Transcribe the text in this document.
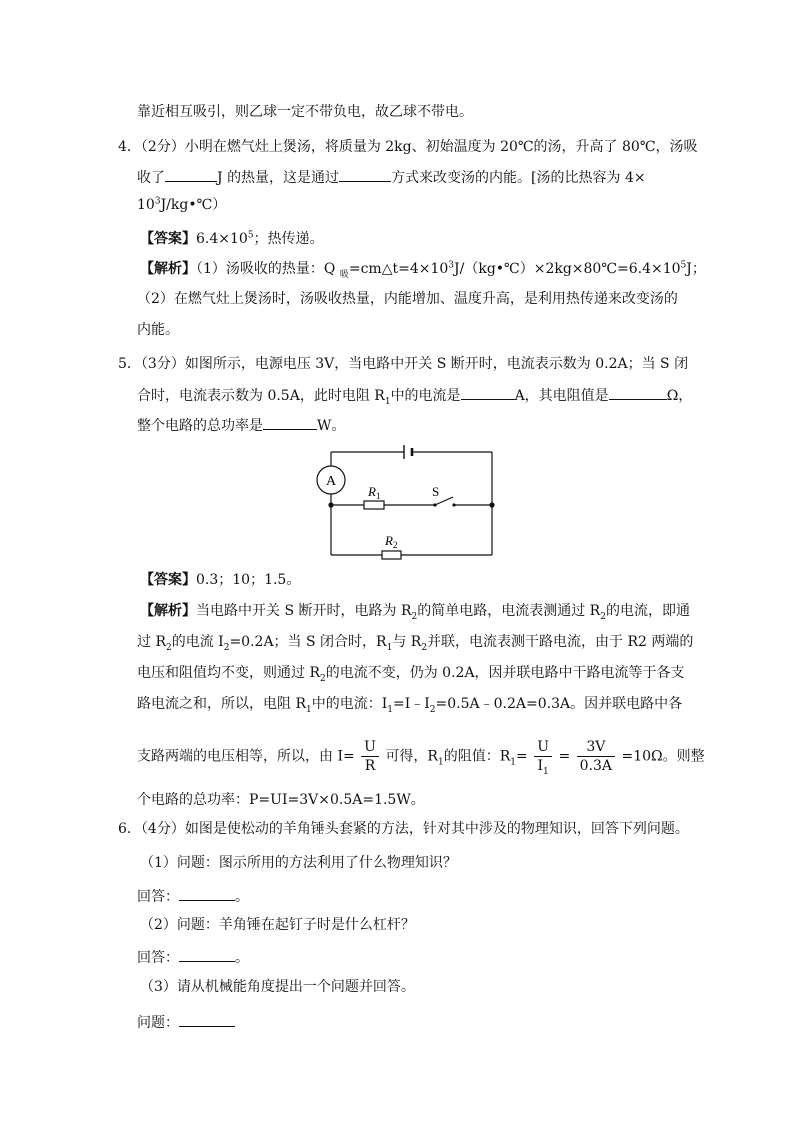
靠近相互吸引，则乙球一定不带负电，故乙球不带电。
4．（2分）小明在燃气灶上煲汤，将质量为 2kg、初始温度为 20℃的汤，升高了 80℃，汤吸
收了	J 的热量，这是通过	方式来改变汤的内能。[汤的比热容为 4×
$10^3J/kg•℃$）
【答案】$6.4\times 10^5$；热传递。
【解析】（1）汤吸收的热量：Q $_吸=cm\triangle t=4\times 10^3J/(kg•℃)\times 2kg\times 80℃=6.4\times 10^5J$；
（2）在燃气灶上煲汤时，汤吸收热量，内能增加、温度升高，是利用热传递来改变汤的
内能。
5．（3分）如图所示，电源电压 3V，当电路中开关 S 断开时，电流表示数为 0.2A；当 S 闭
合时，电流表示数为 0.5A，此时电阻 $R_1$中的电流是	A，其电阻值是	Ω，
整个电路的总功率是	W。
A
$R_1$	S
$R_2$
【答案】0.3；10；1.5。
【解析】当电路中开关 S 断开时，电路为 $R_2$的简单电路，电流表测通过 $R_2$的电流，即通
过 $R_2$的电流 $I_2=0.2A$；当 S 闭合时，$R_1$与 $R_2$并联，电流表测干路电流，由于 R2 两端的
电压和阻值均不变，则通过 $R_2$的电流不变，仍为 0.2A，因并联电路中干路电流等于各支
路电流之和，所以，电阻 $R_1$中的电流：$I_1=I﹣I_2=0.5A﹣0.2A=0.3A$。因并联电路中各
支路两端的电压相等，所以，由 $I= \frac{U}{R}$ 可得，$R_1$的阻值：$R_1= \frac{U}{I_1} = \frac{3V}{0.3A} =10\Omega$。则整
个电路的总功率：P=UI=3V×0.5A=1.5W。
6．（4分）如图是使松动的羊角锤头套紧的方法，针对其中涉及的物理知识，回答下列问题。
（1）问题：图示所用的方法利用了什么物理知识？
回答：	。
（2）问题：羊角锤在起钉子时是什么杠杆？
回答：	。
（3）请从机械能角度提出一个问题并回答。
问题：
